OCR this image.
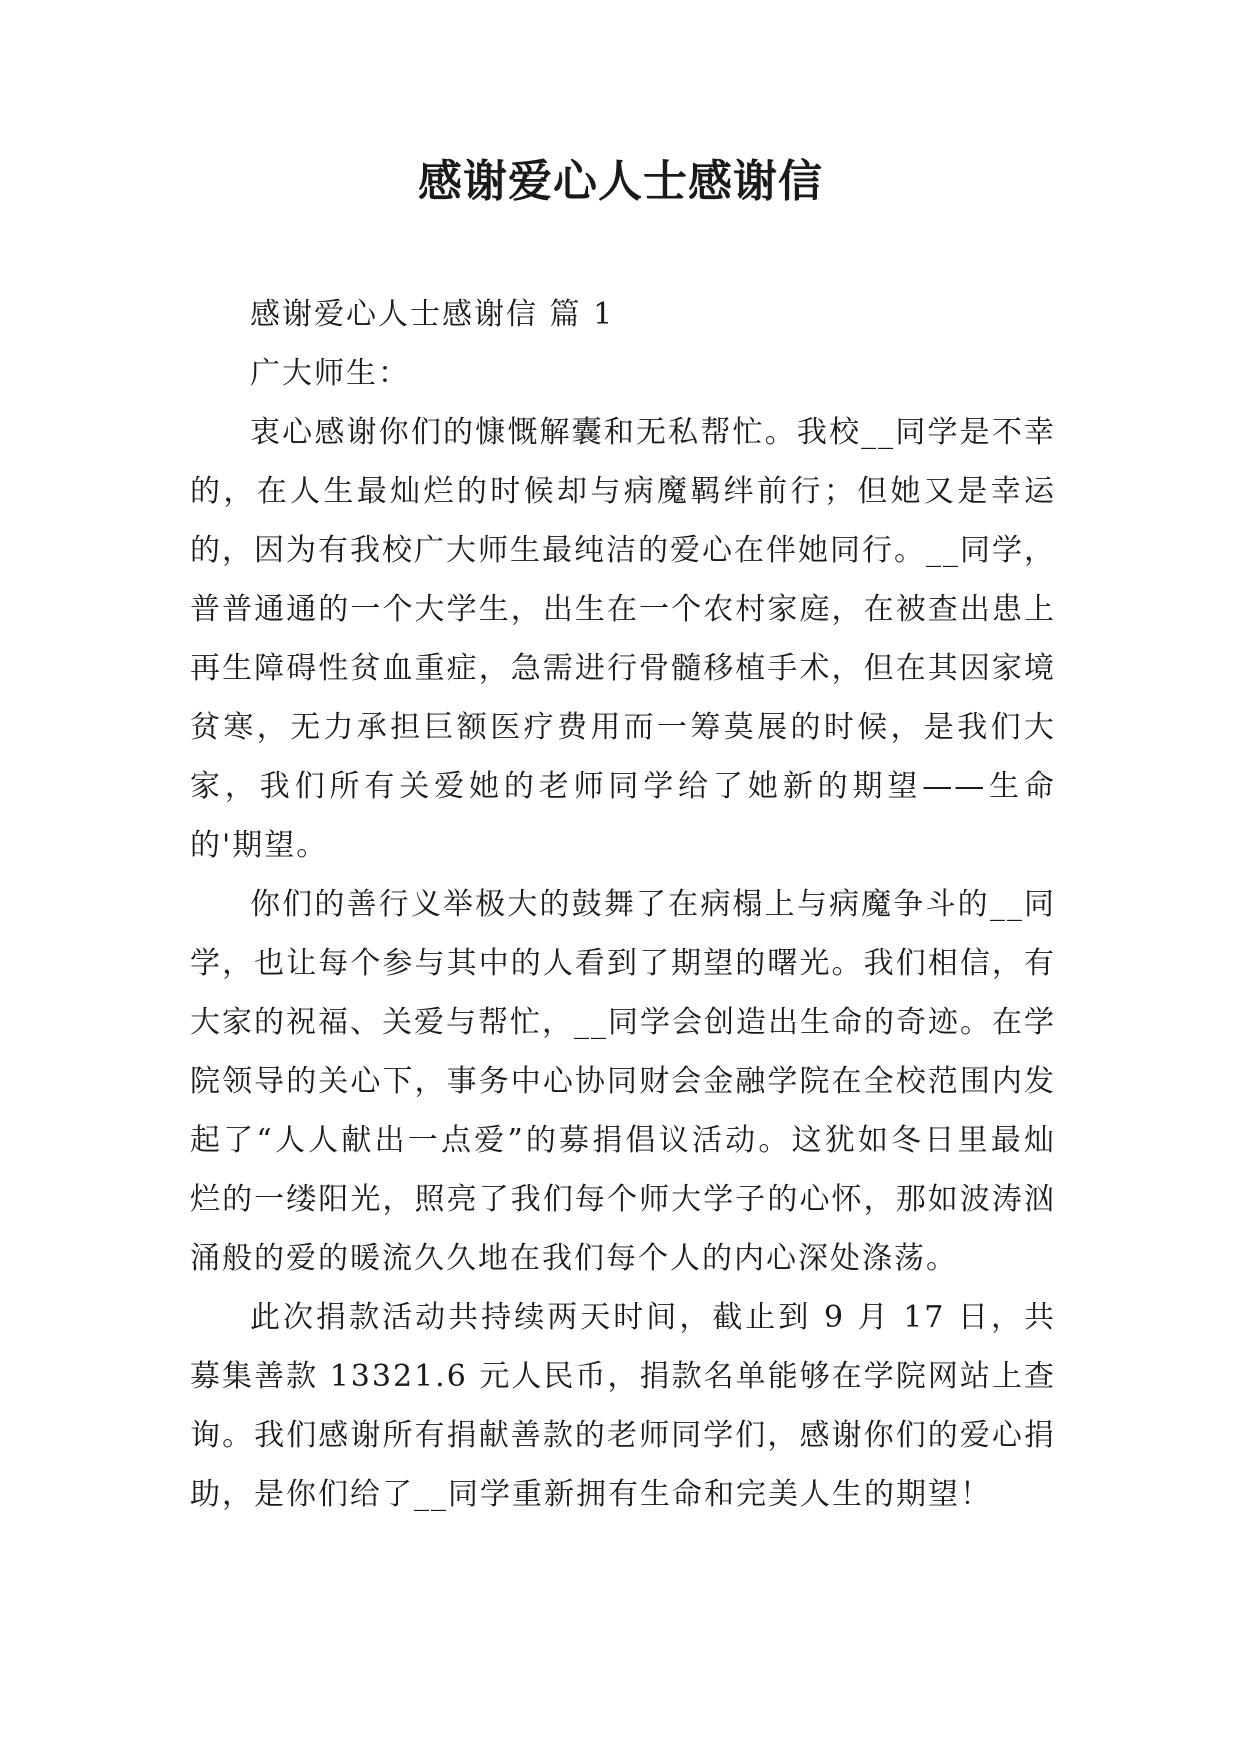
感谢爱心人士感谢信

感谢爱心人士感谢信 篇 1

广大师生：

衷心感谢你们的慷慨解囊和无私帮忙。我校__同学是不幸的，在人生最灿烂的时候却与病魔羁绊前行；但她又是幸运的，因为有我校广大师生最纯洁的爱心在伴她同行。__同学，普普通通的一个大学生，出生在一个农村家庭，在被查出患上再生障碍性贫血重症，急需进行骨髓移植手术，但在其因家境贫寒，无力承担巨额医疗费用而一筹莫展的时候，是我们大家，我们所有关爱她的老师同学给了她新的期望——生命的'期望。

你们的善行义举极大的鼓舞了在病榻上与病魔争斗的__同学，也让每个参与其中的人看到了期望的曙光。我们相信，有大家的祝福、关爱与帮忙，__同学会创造出生命的奇迹。在学院领导的关心下，事务中心协同财会金融学院在全校范围内发起了“人人献出一点爱”的募捐倡议活动。这犹如冬日里最灿烂的一缕阳光，照亮了我们每个师大学子的心怀，那如波涛汹涌般的爱的暖流久久地在我们每个人的内心深处涤荡。

此次捐款活动共持续两天时间，截止到 9 月 17 日，共募集善款 13321.6 元人民币，捐款名单能够在学院网站上查询。我们感谢所有捐献善款的老师同学们，感谢你们的爱心捐助，是你们给了__同学重新拥有生命和完美人生的期望！
